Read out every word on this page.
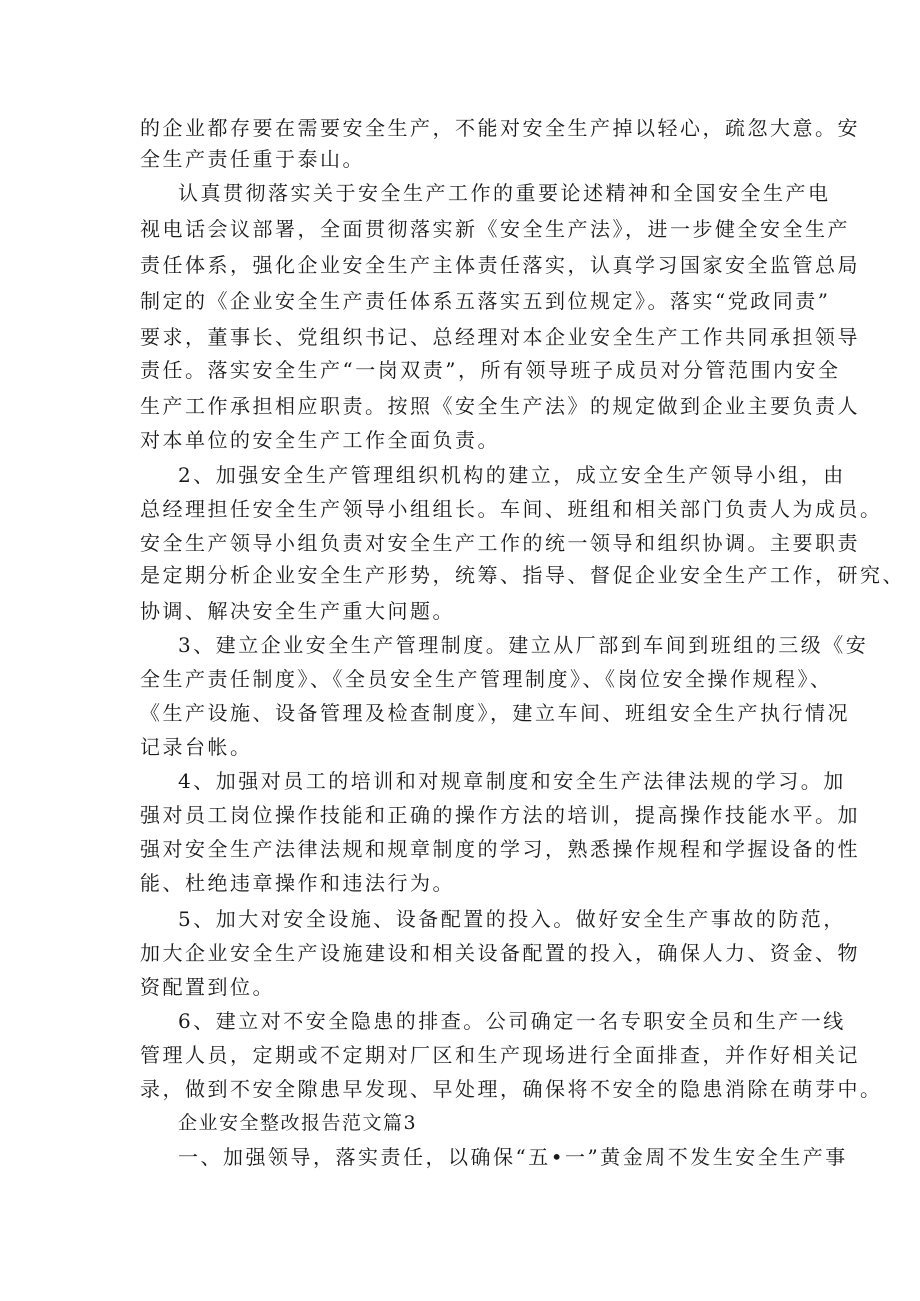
的企业都存要在需要安全生产，不能对安全生产掉以轻心，疏忽大意。安
全生产责任重于泰山。
认真贯彻落实关于安全生产工作的重要论述精神和全国安全生产电
视电话会议部署，全面贯彻落实新《安全生产法》，进一步健全安全生产
责任体系，强化企业安全生产主体责任落实，认真学习国家安全监管总局
制定的《企业安全生产责任体系五落实五到位规定》。落实“党政同责”
要求，董事长、党组织书记、总经理对本企业安全生产工作共同承担领导
责任。落实安全生产“一岗双责”，所有领导班子成员对分管范围内安全
生产工作承担相应职责。按照《安全生产法》的规定做到企业主要负责人
对本单位的安全生产工作全面负责。
2、加强安全生产管理组织机构的建立，成立安全生产领导小组，由
总经理担任安全生产领导小组组长。车间、班组和相关部门负责人为成员。
安全生产领导小组负责对安全生产工作的统一领导和组织协调。主要职责
是定期分析企业安全生产形势，统筹、指导、督促企业安全生产工作，研究、
协调、解决安全生产重大问题。
3、建立企业安全生产管理制度。建立从厂部到车间到班组的三级《安
全生产责任制度》、《全员安全生产管理制度》、《岗位安全操作规程》、
《生产设施、设备管理及检查制度》，建立车间、班组安全生产执行情况
记录台帐。
4、加强对员工的培训和对规章制度和安全生产法律法规的学习。加
强对员工岗位操作技能和正确的操作方法的培训，提高操作技能水平。加
强对安全生产法律法规和规章制度的学习，熟悉操作规程和学握设备的性
能、杜绝违章操作和违法行为。
5、加大对安全设施、设备配置的投入。做好安全生产事故的防范，
加大企业安全生产设施建设和相关设备配置的投入，确保人力、资金、物
资配置到位。
6、建立对不安全隐患的排查。公司确定一名专职安全员和生产一线
管理人员，定期或不定期对厂区和生产现场进行全面排查，并作好相关记
录，做到不安全隙患早发现、早处理，确保将不安全的隐患消除在萌芽中。
企业安全整改报告范文篇3
一、加强领导，落实责任，以确保“五•一”黄金周不发生安全生产事
